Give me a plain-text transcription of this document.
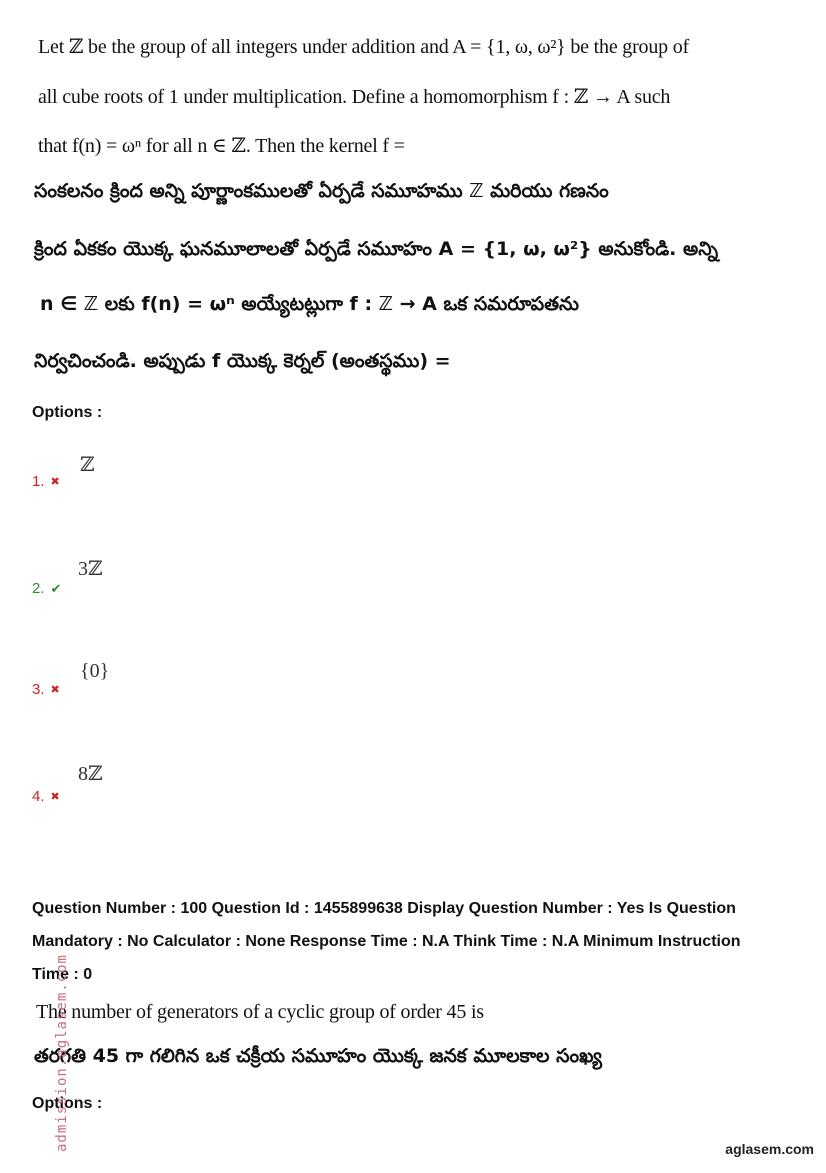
Let ℤ be the group of all integers under addition and A = {1, ω, ω²} be the group of
all cube roots of 1 under multiplication. Define a homomorphism f : ℤ → A such
that f(n) = ωⁿ for all n ∈ ℤ. Then the kernel f =
సంకలనం క్రింద అన్ని పూర్ణాంకములతో ఏర్పడే సమూహము ℤ మరియు గణనం
క్రింద ఏకకం యొక్క ఘనమూలాలతో ఏర్పడే సమూహం A = {1, ω, ω²} అనుకోండి. అన్ని
n ∈ ℤ లకు f(n) = ωⁿ అయ్యేటట్లుగా f : ℤ → A ఒక సమరూపతను
నిర్వచించండి. అప్పుడు f యొక్క కెర్నల్ (అంతస్థము) =
Options :
ℤ
1. ✖
3ℤ
2. ✔
{0}
3. ✖
8ℤ
4. ✖
Question Number : 100 Question Id : 1455899638 Display Question Number : Yes Is Question
Mandatory : No Calculator : None Response Time : N.A Think Time : N.A Minimum Instruction
Time : 0
The number of generators of a cyclic group of order 45 is
తరగతి 45 గా గలిగిన ఒక చక్రీయ సమూహం యొక్క జనక మూలకాల సంఖ్య
Options :
admission.aglasem.com	aglasem.com
